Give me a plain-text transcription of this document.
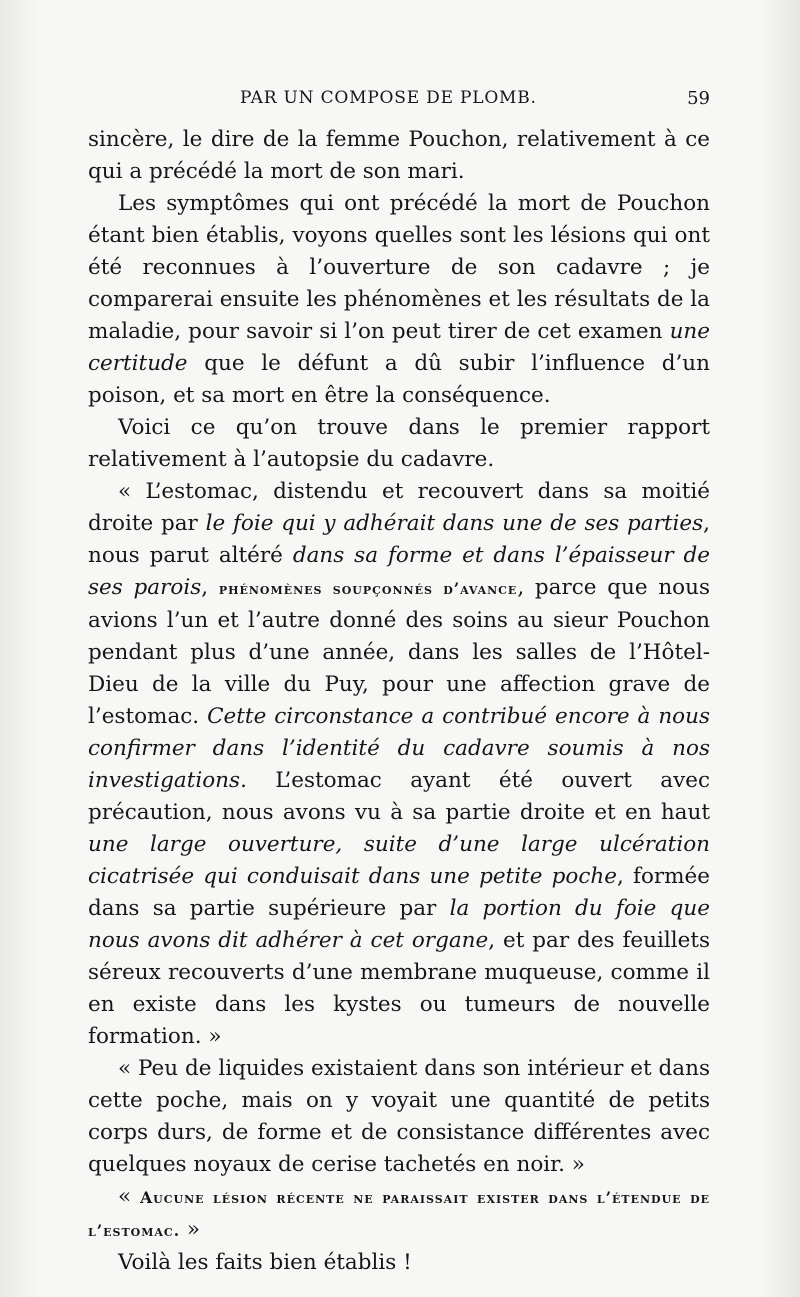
PAR UN COMPOSE DE PLOMB.	59

sincère, le dire de la femme Pouchon, relativement à ce qui a précédé la mort de son mari.

Les symptômes qui ont précédé la mort de Pouchon étant bien établis, voyons quelles sont les lésions qui ont été reconnues à l’ouverture de son cadavre ; je comparerai ensuite les phénomènes et les résultats de la maladie, pour savoir si l’on peut tirer de cet examen une certitude que le défunt a dû subir l’influence d’un poison, et sa mort en être la conséquence.

Voici ce qu’on trouve dans le premier rapport relativement à l’autopsie du cadavre.

« L’estomac, distendu et recouvert dans sa moitié droite par le foie qui y adhérait dans une de ses parties, nous parut altéré dans sa forme et dans l’épaisseur de ses parois, phénomènes soupçonnés d’avance, parce que nous avions l’un et l’autre donné des soins au sieur Pouchon pendant plus d’une année, dans les salles de l’Hôtel-Dieu de la ville du Puy, pour une affection grave de l’estomac. Cette circonstance a contribué encore à nous confirmer dans l’identité du cadavre soumis à nos investigations. L’estomac ayant été ouvert avec précaution, nous avons vu à sa partie droite et en haut une large ouverture, suite d’une large ulcération cicatrisée qui conduisait dans une petite poche, formée dans sa partie supérieure par la portion du foie que nous avons dit adhérer à cet organe, et par des feuillets séreux recouverts d’une membrane muqueuse, comme il en existe dans les kystes ou tumeurs de nouvelle formation. »

« Peu de liquides existaient dans son intérieur et dans cette poche, mais on y voyait une quantité de petits corps durs, de forme et de consistance différentes avec quelques noyaux de cerise tachetés en noir. »

« Aucune lésion récente ne paraissait exister dans l’étendue de l’estomac. »

Voilà les faits bien établis !
